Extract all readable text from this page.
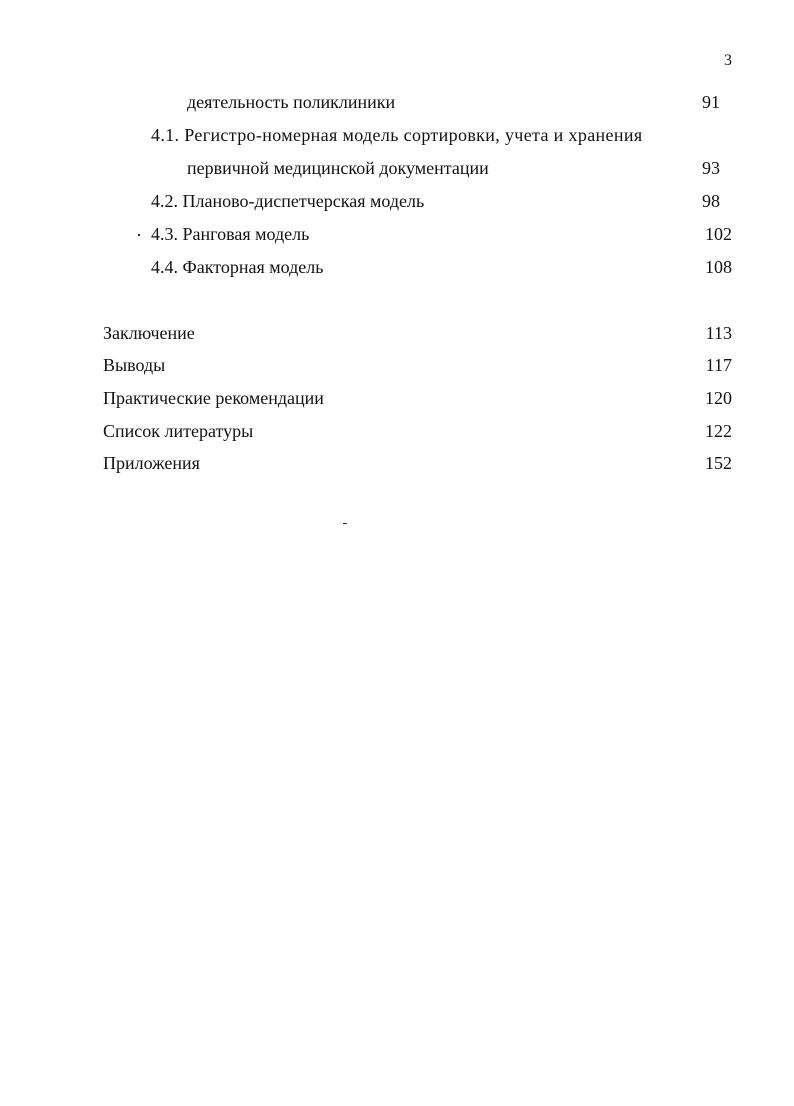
3
деятельность поликлиники	91
4.1. Регистро-номерная модель сортировки, учета и хранения
первичной медицинской документации	93
4.2. Планово-диспетчерская модель	98
4.3. Ранговая модель	102
4.4. Факторная модель	108
Заключение	113
Выводы	117
Практические рекомендации	120
Список литературы	122
Приложения	152
